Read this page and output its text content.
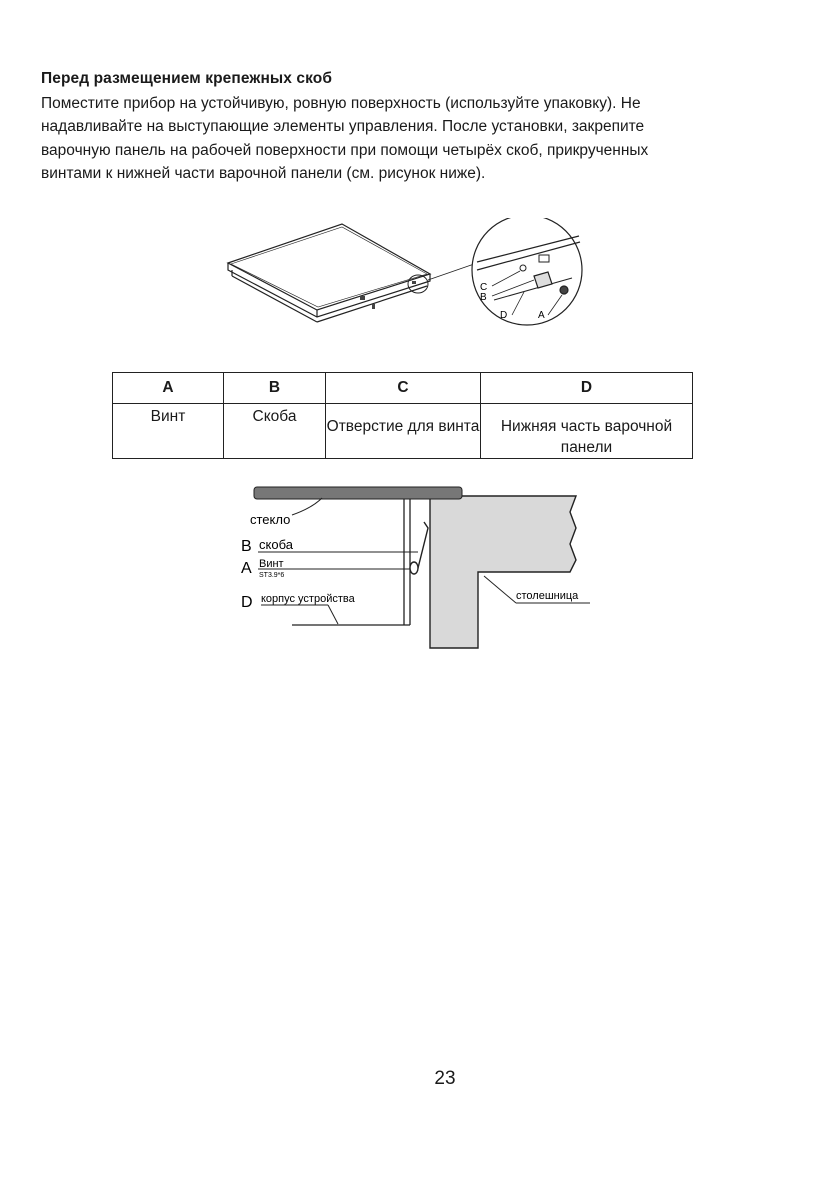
Перед размещением крепежных скоб
Поместите прибор на устойчивую, ровную поверхность (используйте упаковку). Не
надавливайте на выступающие элементы управления. После установки, закрепите
варочную панель на рабочей поверхности при помощи четырёх скоб, прикрученных
винтами к нижней части варочной панели (см. рисунок ниже).
C
B
D	A
A	B	C	D
Винт	Скоба	Отверстие для винта	Нижняя часть варочной панели
стекло
B скоба
A Винт
ST3.9*6
D корпус устройства	столешница
23
